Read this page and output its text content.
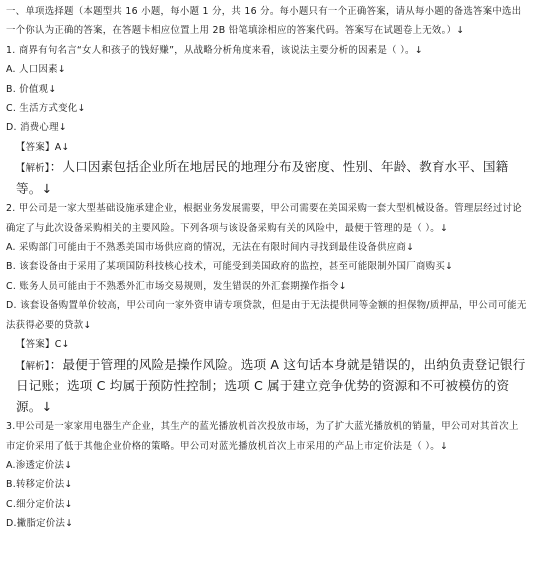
一、单项选择题（本题型共 16 小题，每小题 1 分，共 16 分。每小题只有一个正确答案，请从每小题的备选答案中选出一个你认为正确的答案，在答题卡相应位置上用 2B 铅笔填涂相应的答案代码。答案写在试题卷上无效。）↓

1. 商界有句名言“女人和孩子的钱好赚”，从战略分析角度来看，该说法主要分析的因素是（ ）。↓

A. 人口因素↓

B. 价值观↓

C. 生活方式变化↓

D. 消费心理↓

【答案】A↓

【解析】：人口因素包括企业所在地居民的地理分布及密度、性别、年龄、教育水平、国籍等。↓

2. 甲公司是一家大型基础设施承建企业，根据业务发展需要，甲公司需要在美国采购一套大型机械设备。管理层经过讨论确定了与此次设备采购相关的主要风险。下列各项与该设备采购有关的风险中，最便于管理的是（ ）。↓

A. 采购部门可能由于不熟悉美国市场供应商的情况，无法在有限时间内寻找到最佳设备供应商↓

B. 该套设备由于采用了某项国防科技核心技术，可能受到美国政府的监控，甚至可能限制外国厂商购买↓

C. 账务人员可能由于不熟悉外汇市场交易规则，发生错误的外汇套期操作指令↓

D. 该套设备购置单价较高，甲公司向一家外资申请专项贷款，但是由于无法提供同等金额的担保物/质押品，甲公司可能无法获得必要的贷款↓

【答案】C↓

【解析】：最便于管理的风险是操作风险。选项 A 这句话本身就是错误的，出纳负责登记银行日记账；选项 C 均属于预防性控制；选项 C 属于建立竞争优势的资源和不可被模仿的资源。↓

3.甲公司是一家家用电器生产企业，其生产的蓝光播放机首次投放市场，为了扩大蓝光播放机的销量，甲公司对其首次上市定价采用了低于其他企业价格的策略。甲公司对蓝光播放机首次上市采用的产品上市定价法是（ ）。↓

A.渗透定价法↓

B.转移定价法↓

C.细分定价法↓

D.撇脂定价法↓
